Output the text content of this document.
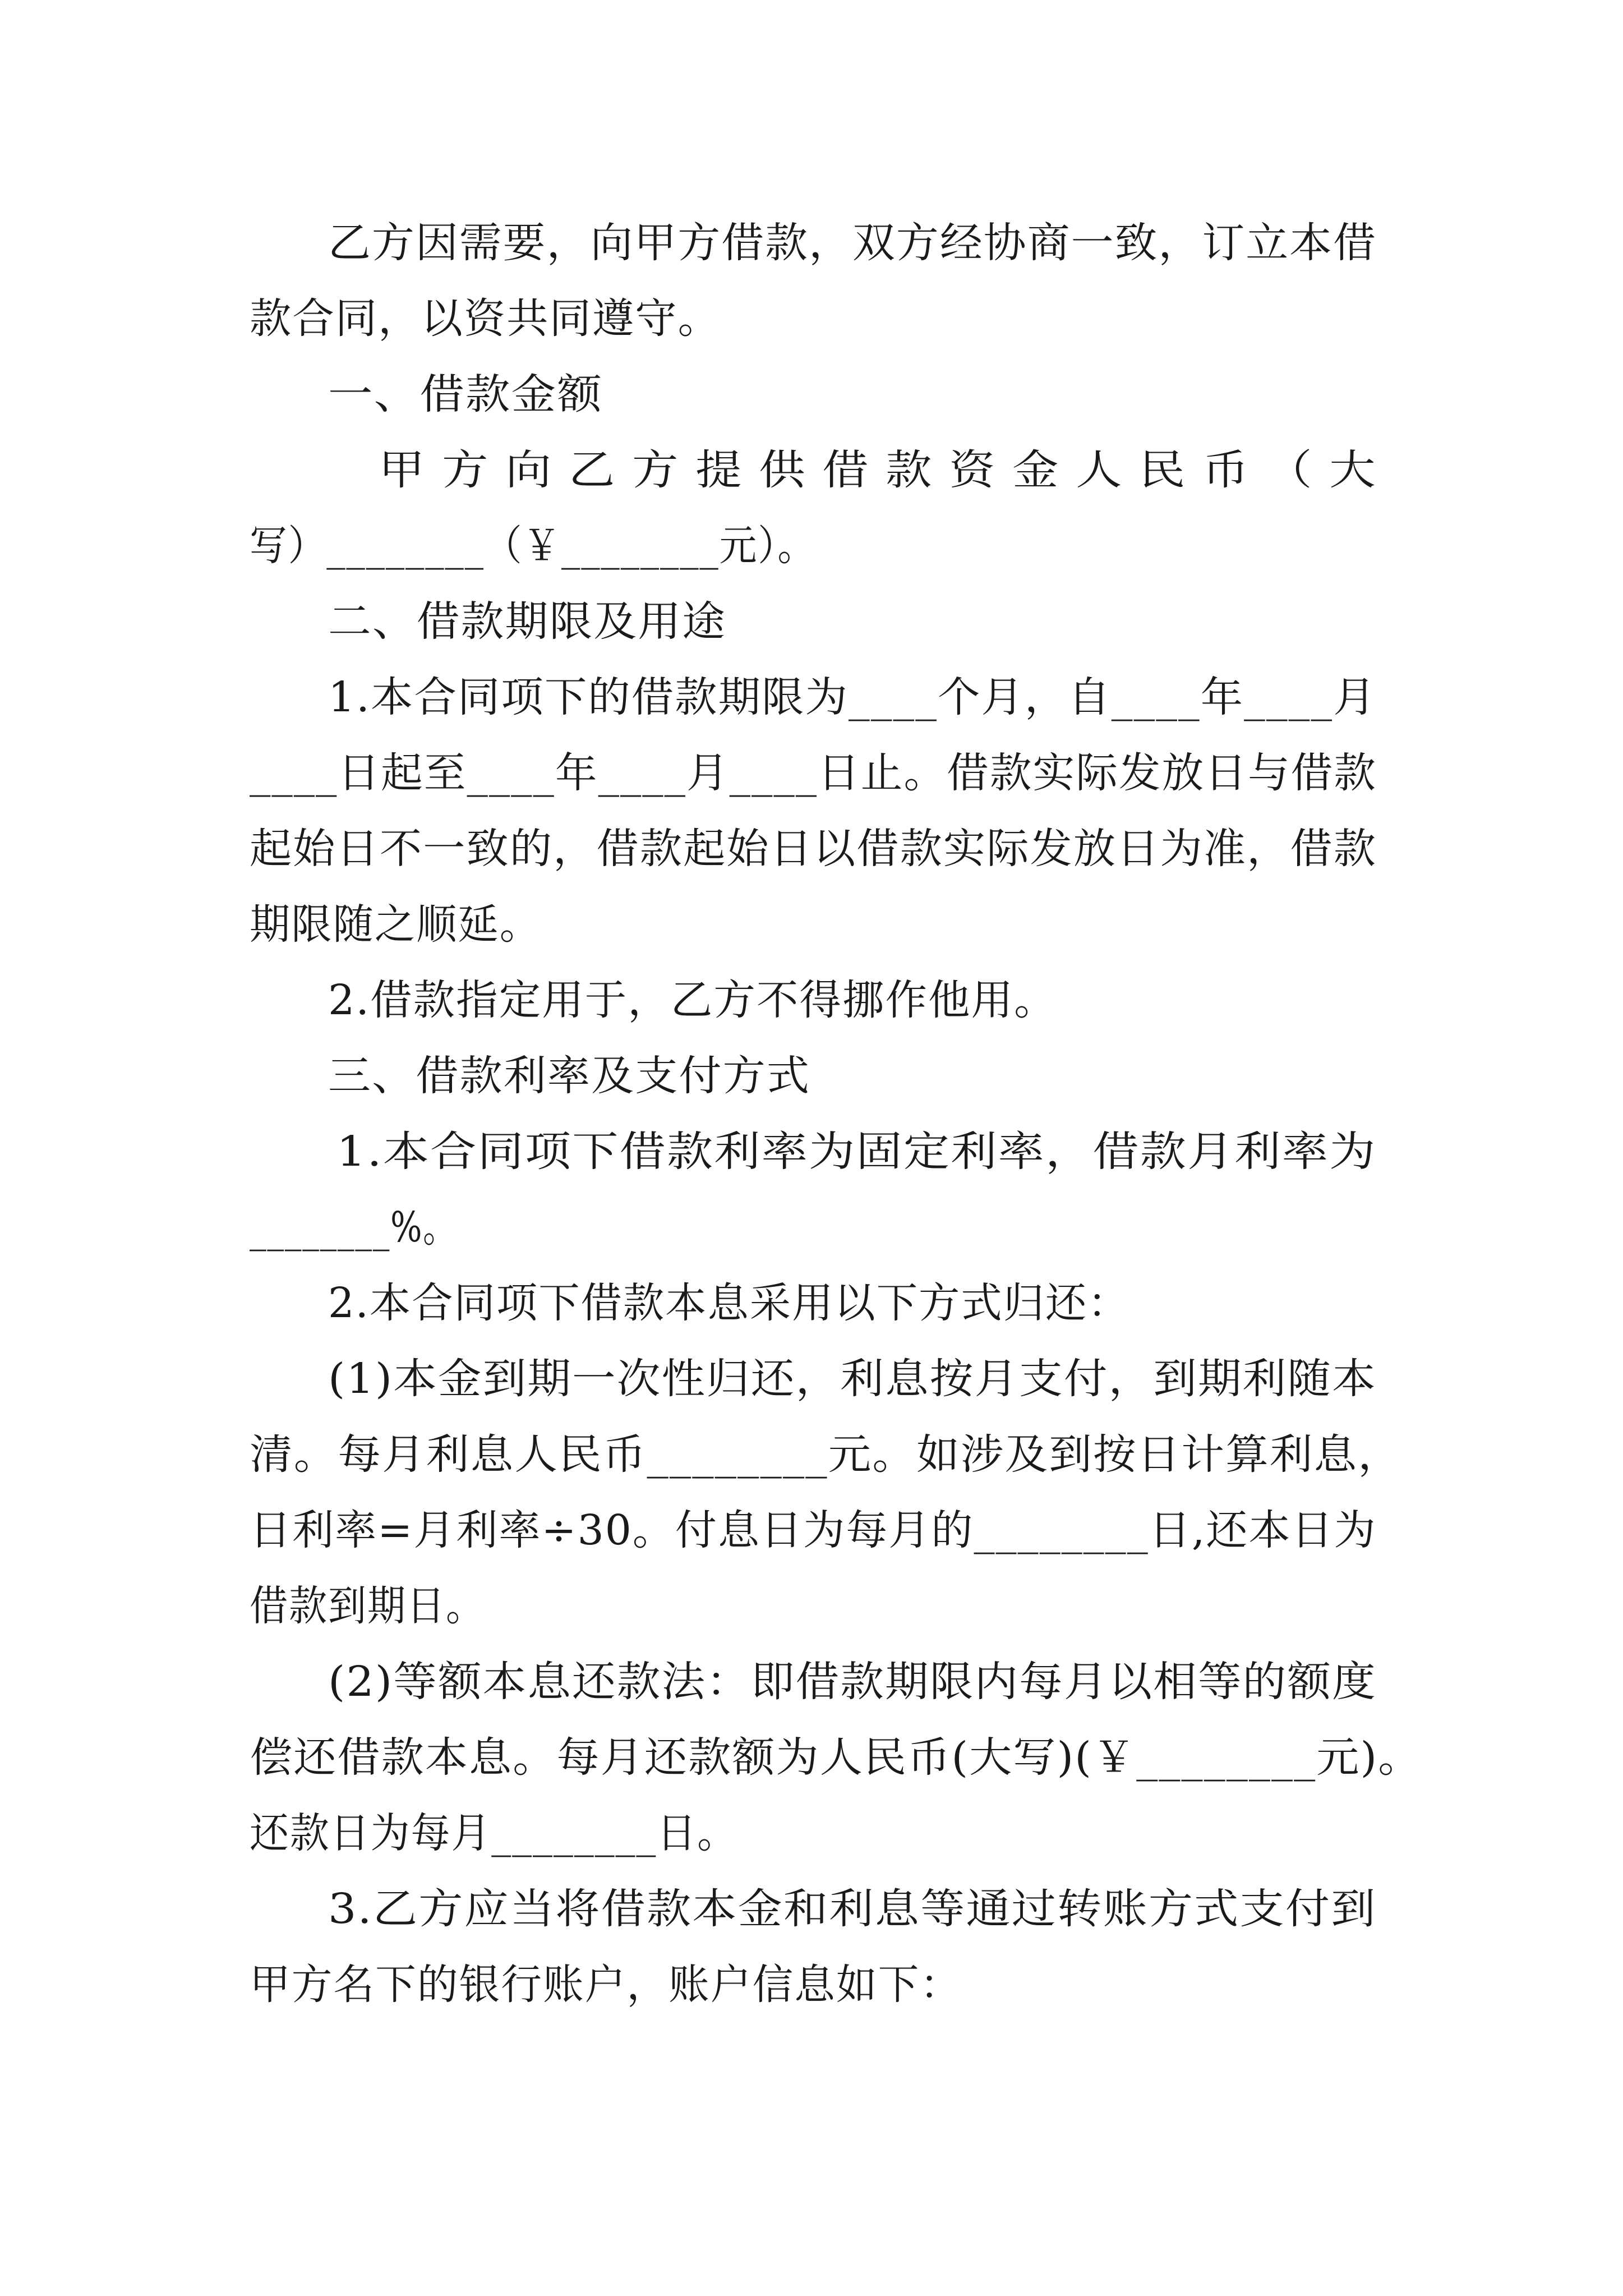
乙方因需要，向甲方借款，双方经协商一致，订立本借
款合同，以资共同遵守。
一、借款金额
甲 方 向 乙 方 提 供 借 款 资 金 人 民 币 （ 大
写）________（￥________元）。
二、借款期限及用途
1.本合同项下的借款期限为____个月，自____年____月
____日起至____年____月____日止。借款实际发放日与借款
起始日不一致的，借款起始日以借款实际发放日为准，借款
期限随之顺延。
2.借款指定用于，乙方不得挪作他用。
三、借款利率及支付方式
1.本合同项下借款利率为固定利率，借款月利率为
________%。
2.本合同项下借款本息采用以下方式归还：
(1)本金到期一次性归还，利息按月支付，到期利随本
清。每月利息人民币________元。如涉及到按日计算利息，
日利率=月利率÷30。付息日为每月的________日,还本日为
借款到期日。
(2)等额本息还款法：即借款期限内每月以相等的额度
偿还借款本息。每月还款额为人民币(大写)(￥________元)。
还款日为每月________日。
3.乙方应当将借款本金和利息等通过转账方式支付到
甲方名下的银行账户，账户信息如下：
